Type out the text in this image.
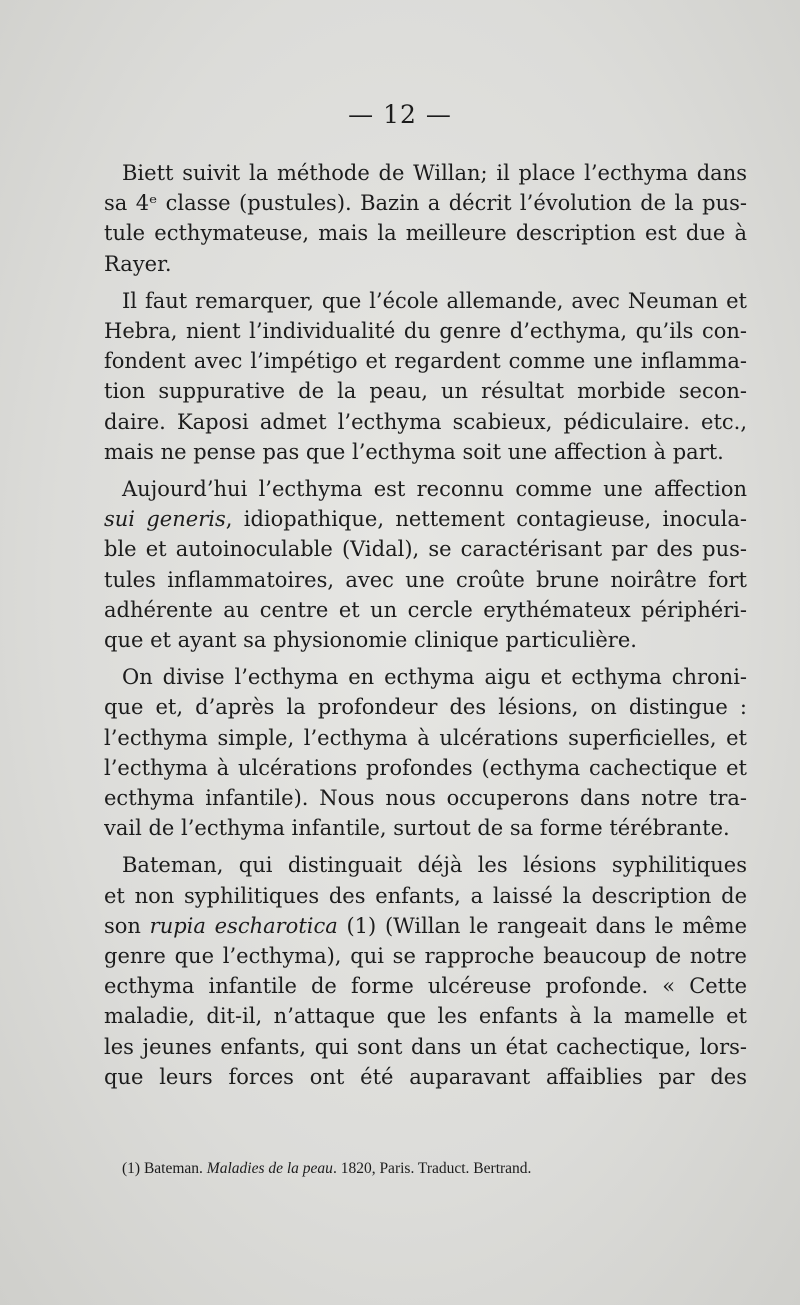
— 12 —

Biett suivit la méthode de Willan; il place l’ecthyma dans
sa 4ᵉ classe (pustules). Bazin a décrit l’évolution de la pus-
tule ecthymateuse, mais la meilleure description est due à
Rayer.

Il faut remarquer, que l’école allemande, avec Neuman et
Hebra, nient l’individualité du genre d’ecthyma, qu’ils con-
fondent avec l’impétigo et regardent comme une inflamma-
tion suppurative de la peau, un résultat morbide secon-
daire. Kaposi admet l’ecthyma scabieux, pédiculaire. etc.,
mais ne pense pas que l’ecthyma soit une affection à part.

Aujourd’hui l’ecthyma est reconnu comme une affection
sui generis, idiopathique, nettement contagieuse, inocula-
ble et autoinoculable (Vidal), se caractérisant par des pus-
tules inflammatoires, avec une croûte brune noirâtre fort
adhérente au centre et un cercle erythémateux périphéri-
que et ayant sa physionomie clinique particulière.

On divise l’ecthyma en ecthyma aigu et ecthyma chroni-
que et, d’après la profondeur des lésions, on distingue :
l’ecthyma simple, l’ecthyma à ulcérations superficielles, et
l’ecthyma à ulcérations profondes (ecthyma cachectique et
ecthyma infantile). Nous nous occuperons dans notre tra-
vail de l’ecthyma infantile, surtout de sa forme térébrante.

Bateman, qui distinguait déjà les lésions syphilitiques
et non syphilitiques des enfants, a laissé la description de
son rupia escharotica (1) (Willan le rangeait dans le même
genre que l’ecthyma), qui se rapproche beaucoup de notre
ecthyma infantile de forme ulcéreuse profonde. « Cette
maladie, dit-il, n’attaque que les enfants à la mamelle et
les jeunes enfants, qui sont dans un état cachectique, lors-
que leurs forces ont été auparavant affaiblies par des

(1) Bateman. Maladies de la peau. 1820, Paris. Traduct. Bertrand.
